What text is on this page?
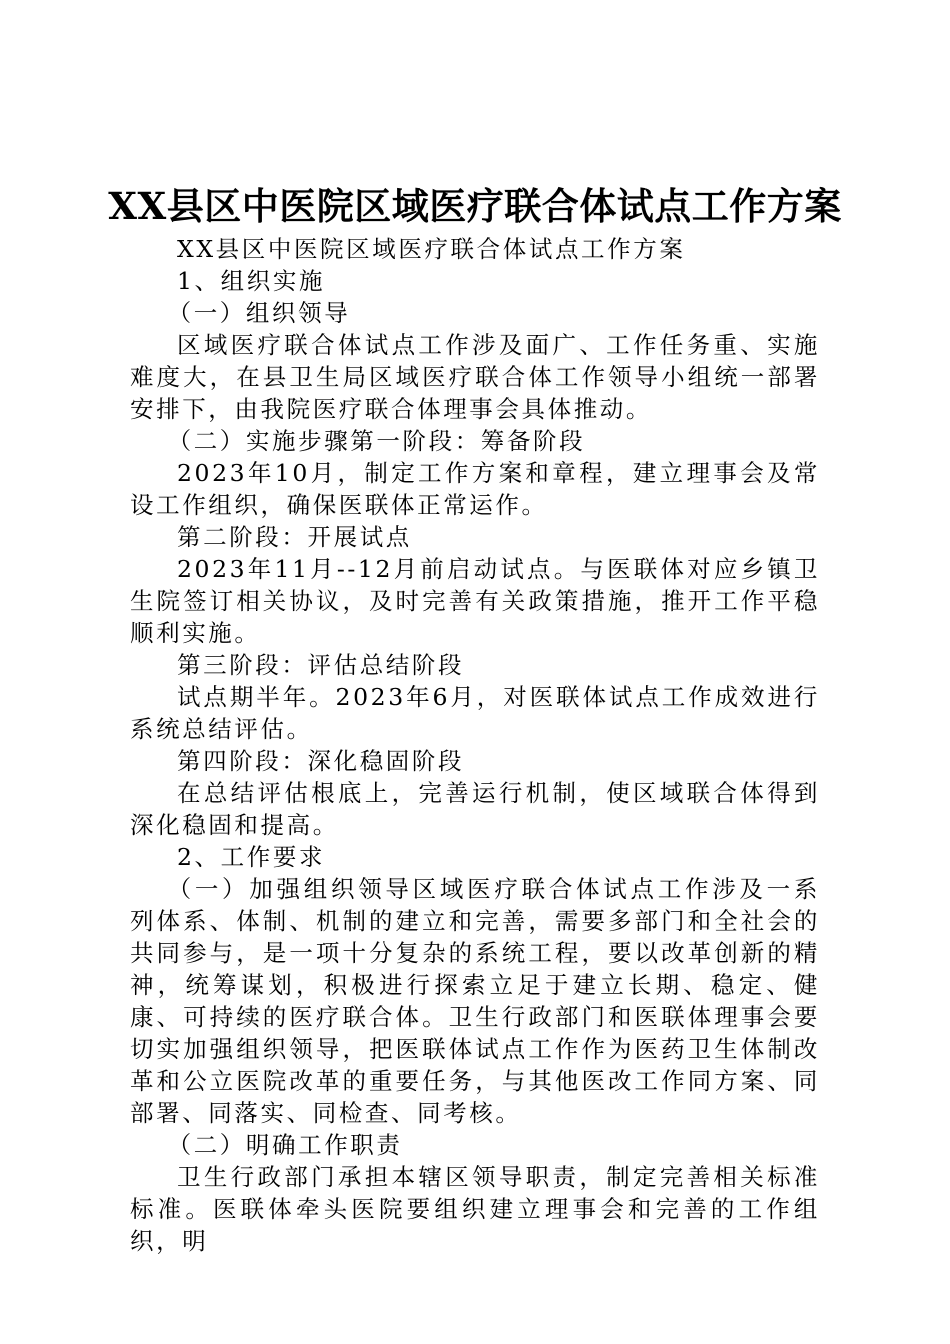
XX县区中医院区域医疗联合体试点工作方案

XX县区中医院区域医疗联合体试点工作方案

1、组织实施

（一）组织领导

区域医疗联合体试点工作涉及面广、工作任务重、实施难度大，在县卫生局区域医疗联合体工作领导小组统一部署安排下，由我院医疗联合体理事会具体推动。

（二）实施步骤第一阶段：筹备阶段

2023年10月，制定工作方案和章程，建立理事会及常设工作组织，确保医联体正常运作。

第二阶段：开展试点

2023年11月--12月前启动试点。与医联体对应乡镇卫生院签订相关协议，及时完善有关政策措施，推开工作平稳顺利实施。

第三阶段：评估总结阶段

试点期半年。2023年6月，对医联体试点工作成效进行系统总结评估。

第四阶段：深化稳固阶段

在总结评估根底上，完善运行机制，使区域联合体得到深化稳固和提高。

2、工作要求

（一）加强组织领导区域医疗联合体试点工作涉及一系列体系、体制、机制的建立和完善，需要多部门和全社会的共同参与，是一项十分复杂的系统工程，要以改革创新的精神，统筹谋划，积极进行探索立足于建立长期、稳定、健康、可持续的医疗联合体。卫生行政部门和医联体理事会要切实加强组织领导，把医联体试点工作作为医药卫生体制改革和公立医院改革的重要任务，与其他医改工作同方案、同部署、同落实、同检查、同考核。

（二）明确工作职责

卫生行政部门承担本辖区领导职责，制定完善相关标准标准。医联体牵头医院要组织建立理事会和完善的工作组织，明
